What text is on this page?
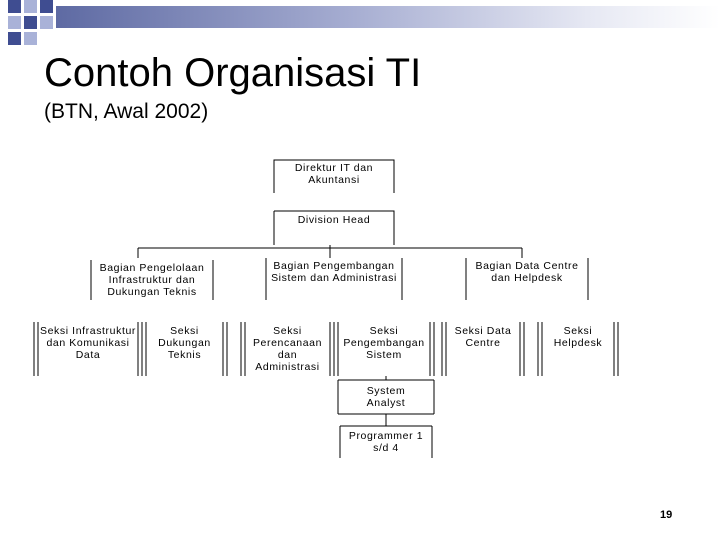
Contoh Organisasi TI
(BTN, Awal 2002)
Direktur IT dan Akuntansi
Division Head
Bagian Pengelolaan Infrastruktur dan Dukungan Teknis
Bagian Pengembangan Sistem dan Administrasi
Bagian Data Centre dan Helpdesk
Seksi Infrastruktur dan Komunikasi Data
Seksi Dukungan Teknis
Seksi Perencanaan dan Administrasi
Seksi Pengembangan Sistem
Seksi Data Centre
Seksi Helpdesk
System Analyst
Programmer 1 s/d 4
19
